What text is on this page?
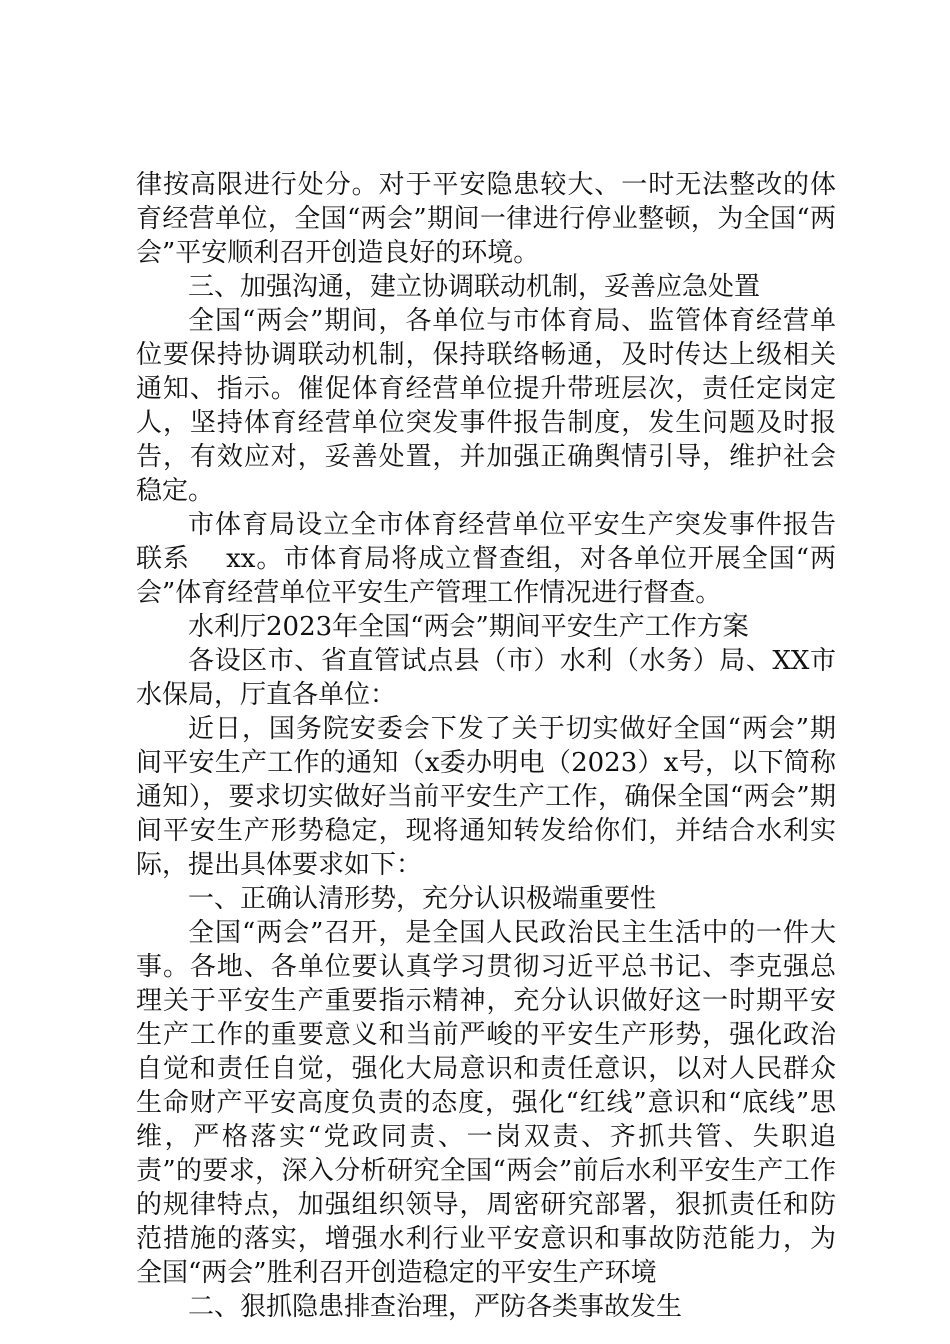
律按高限进行处分。对于平安隐患较大、一时无法整改的体育经营单位，全国“两会”期间一律进行停业整顿，为全国“两会”平安顺利召开创造良好的环境。

三、加强沟通，建立协调联动机制，妥善应急处置

全国“两会”期间，各单位与市体育局、监管体育经营单位要保持协调联动机制，保持联络畅通，及时传达上级相关通知、指示。催促体育经营单位提升带班层次，责任定岗定人，坚持体育经营单位突发事件报告制度，发生问题及时报告，有效应对，妥善处置，并加强正确舆情引导，维护社会稳定。

市体育局设立全市体育经营单位平安生产突发事件报告联系　 xx。市体育局将成立督查组，对各单位开展全国“两会”体育经营单位平安生产管理工作情况进行督查。

水利厅2023年全国“两会”期间平安生产工作方案

各设区市、省直管试点县（市）水利（水务）局、XX市水保局，厅直各单位：

近日，国务院安委会下发了关于切实做好全国“两会”期间平安生产工作的通知（x委办明电（2023）x号，以下简称通知），要求切实做好当前平安生产工作，确保全国“两会”期间平安生产形势稳定，现将通知转发给你们，并结合水利实际，提出具体要求如下：

一、正确认清形势，充分认识极端重要性

全国“两会”召开，是全国人民政治民主生活中的一件大事。各地、各单位要认真学习贯彻习近平总书记、李克强总理关于平安生产重要指示精神，充分认识做好这一时期平安生产工作的重要意义和当前严峻的平安生产形势，强化政治自觉和责任自觉，强化大局意识和责任意识，以对人民群众生命财产平安高度负责的态度，强化“红线”意识和“底线”思维，严格落实“党政同责、一岗双责、齐抓共管、失职追责”的要求，深入分析研究全国“两会”前后水利平安生产工作的规律特点，加强组织领导，周密研究部署，狠抓责任和防范措施的落实，增强水利行业平安意识和事故防范能力，为全国“两会”胜利召开创造稳定的平安生产环境

二、狠抓隐患排查治理，严防各类事故发生
